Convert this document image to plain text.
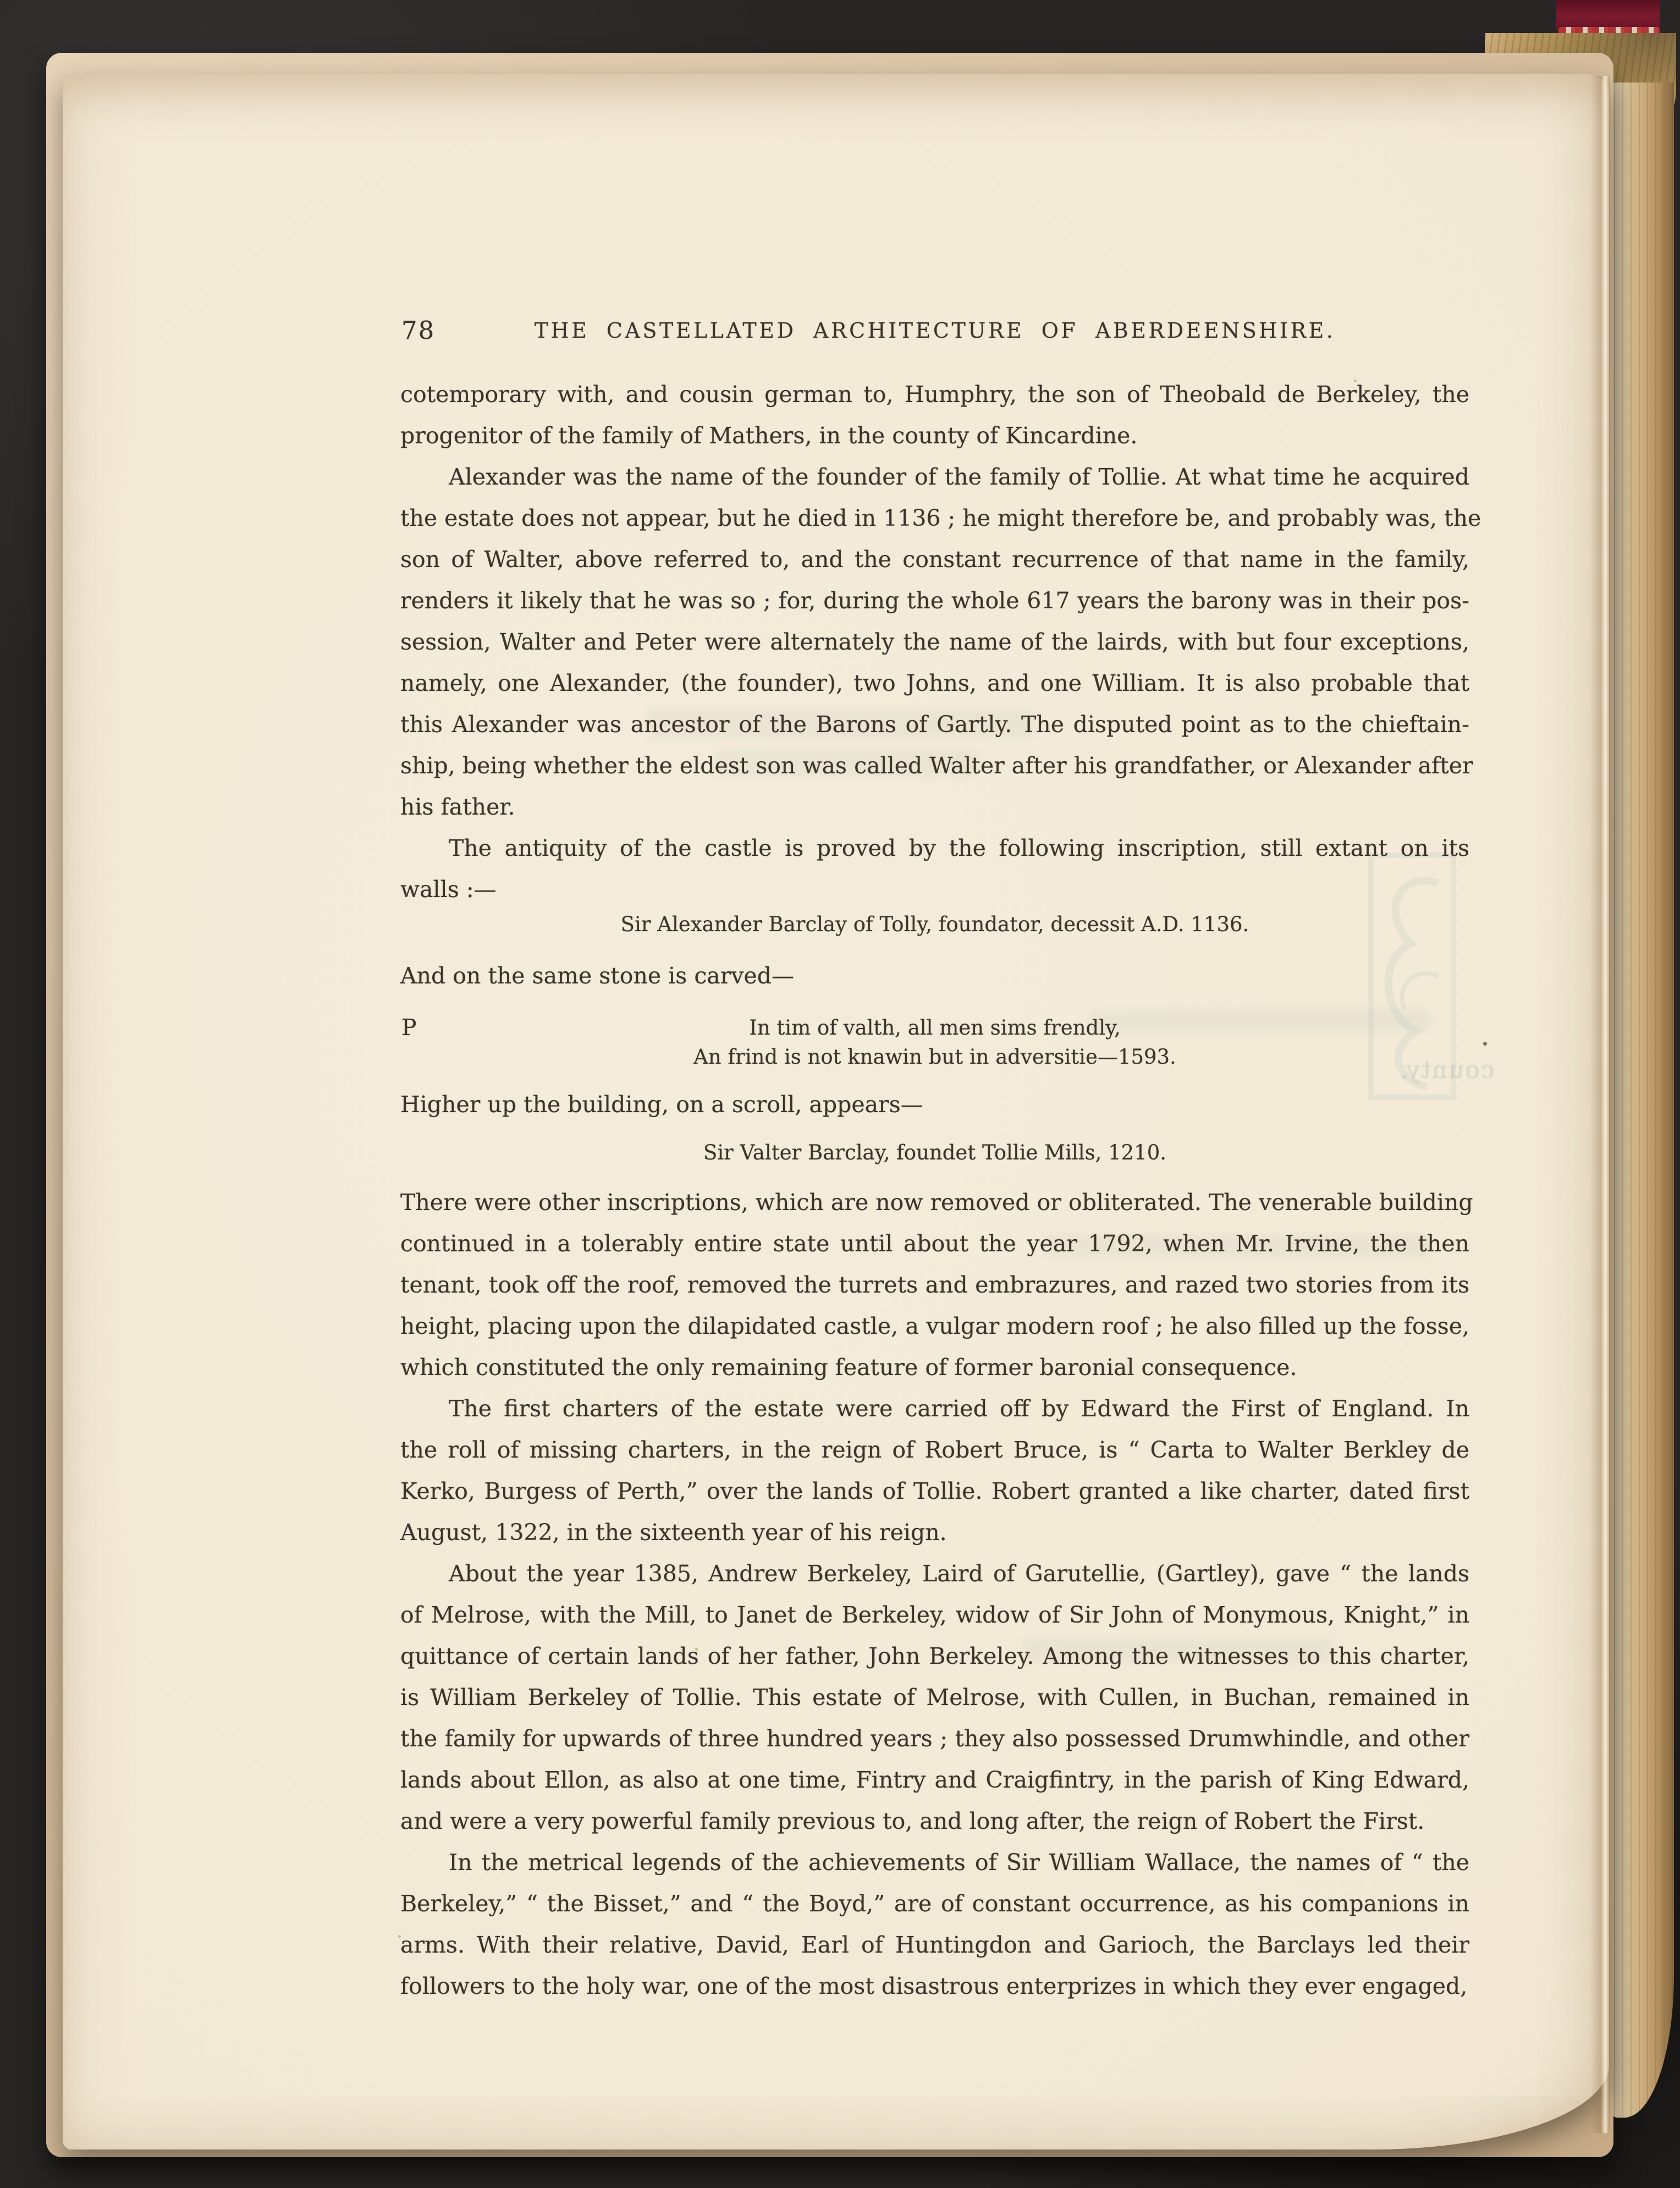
county.
78	THE CASTELLATED ARCHITECTURE OF ABERDEENSHIRE.
cotemporary with, and cousin german to, Humphry, the son of Theobald de Berkeley, the
progenitor of the family of Mathers, in the county of Kincardine.
Alexander was the name of the founder of the family of Tollie. At what time he acquired
the estate does not appear, but he died in 1136 ; he might therefore be, and probably was, the
son of Walter, above referred to, and the constant recurrence of that name in the family,
renders it likely that he was so ; for, during the whole 617 years the barony was in their pos-
session, Walter and Peter were alternately the name of the lairds, with but four exceptions,
namely, one Alexander, (the founder), two Johns, and one William. It is also probable that
this Alexander was ancestor of the Barons of Gartly. The disputed point as to the chieftain-
ship, being whether the eldest son was called Walter after his grandfather, or Alexander after
his father.
The antiquity of the castle is proved by the following inscription, still extant on its
walls :—
Sir Alexander Barclay of Tolly, foundator, decessit A.D. 1136.
And on the same stone is carved—
P	In tim of valth, all men sims frendly,
An frind is not knawin but in adversitie—1593.
Higher up the building, on a scroll, appears—
Sir Valter Barclay, foundet Tollie Mills, 1210.
There were other inscriptions, which are now removed or obliterated. The venerable building
continued in a tolerably entire state until about the year 1792, when Mr. Irvine, the then
tenant, took off the roof, removed the turrets and embrazures, and razed two stories from its
height, placing upon the dilapidated castle, a vulgar modern roof ; he also filled up the fosse,
which constituted the only remaining feature of former baronial consequence.
The first charters of the estate were carried off by Edward the First of England. In
the roll of missing charters, in the reign of Robert Bruce, is “ Carta to Walter Berkley de
Kerko, Burgess of Perth,” over the lands of Tollie. Robert granted a like charter, dated first
August, 1322, in the sixteenth year of his reign.
About the year 1385, Andrew Berkeley, Laird of Garutellie, (Gartley), gave “ the lands
of Melrose, with the Mill, to Janet de Berkeley, widow of Sir John of Monymous, Knight,” in
quittance of certain lands of her father, John Berkeley. Among the witnesses to this charter,
is William Berkeley of Tollie. This estate of Melrose, with Cullen, in Buchan, remained in
the family for upwards of three hundred years ; they also possessed Drumwhindle, and other
lands about Ellon, as also at one time, Fintry and Craigfintry, in the parish of King Edward,
and were a very powerful family previous to, and long after, the reign of Robert the First.
In the metrical legends of the achievements of Sir William Wallace, the names of “ the
Berkeley,” “ the Bisset,” and “ the Boyd,” are of constant occurrence, as his companions in
arms. With their relative, David, Earl of Huntingdon and Garioch, the Barclays led their
followers to the holy war, one of the most disastrous enterprizes in which they ever engaged,
